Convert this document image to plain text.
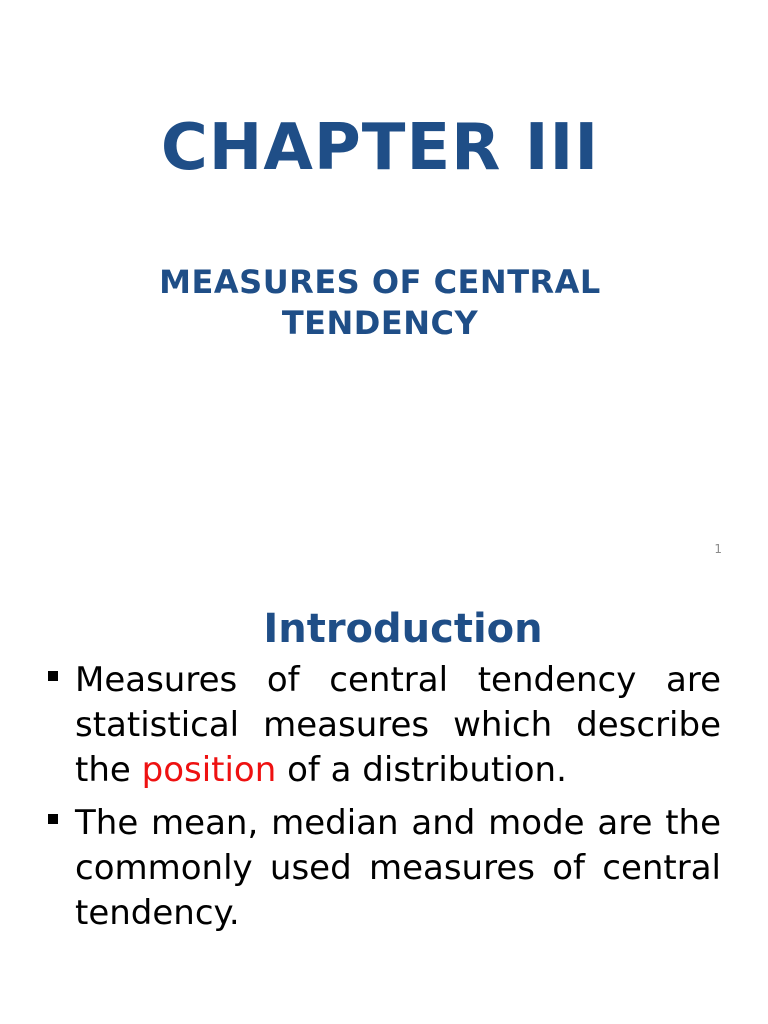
CHAPTER III
MEASURES OF CENTRAL TENDENCY
1
Introduction
Measures of central tendency are statistical measures which describe the position of a distribution.
The mean, median and mode are the commonly used measures of central tendency.
